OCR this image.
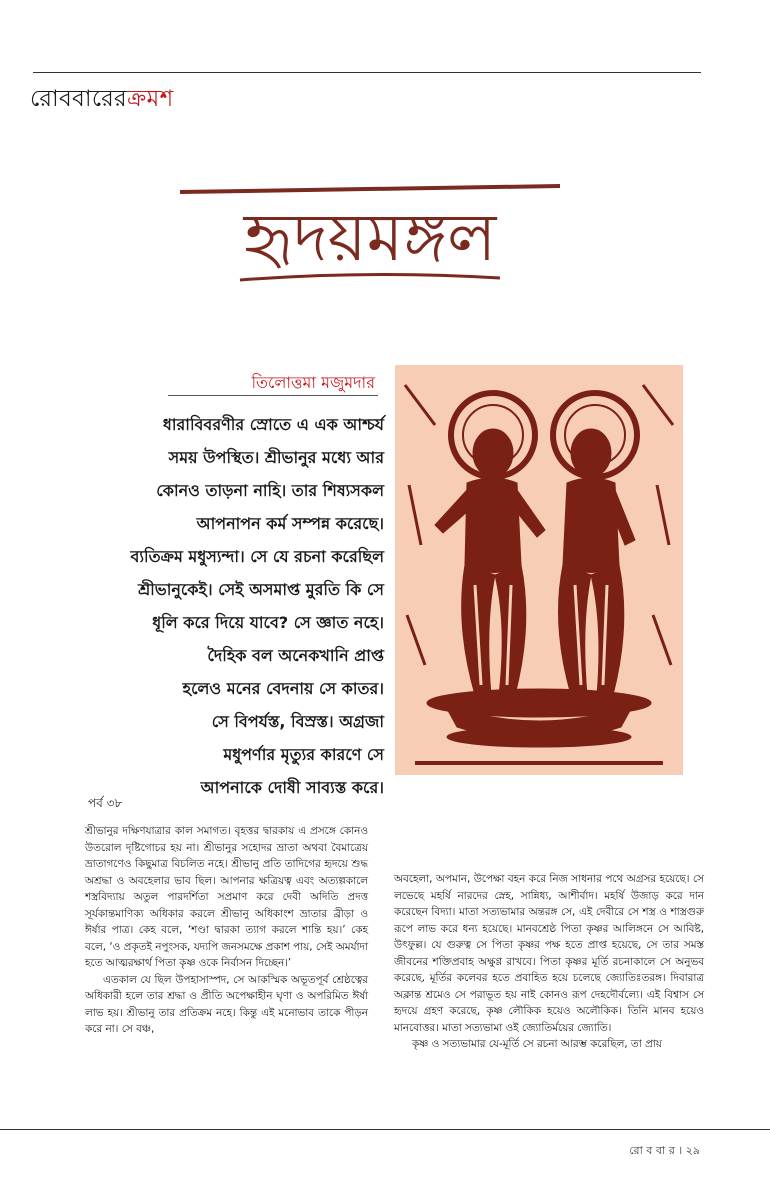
রোববারেরক্রমশ
হৃদয়মঙ্গল
তিলোত্তমা মজুমদার
ধারাবিবরণীর স্রোতে এ এক আশ্চর্য
সময় উপস্থিত। শ্রীভানুর মধ্যে আর
কোনও তাড়না নাহি। তার শিষ্যসকল
আপনাপন কর্ম সম্পন্ন করেছে।
ব্যতিক্রম মধুস্যন্দা। সে যে রচনা করেছিল
শ্রীভানুকেই। সেই অসমাপ্ত মুরতি কি সে
ধূলি করে দিয়ে যাবে? সে জ্ঞাত নহে।
দৈহিক বল অনেকখানি প্রাপ্ত
হলেও মনের বেদনায় সে কাতর।
সে বিপর্যস্ত, বিস্রস্ত। অগ্রজা
মধুপর্ণার মৃত্যুর কারণে সে
আপনাকে দোষী সাব্যস্ত করে।
পর্ব ৩৮

শ্রীভানুর দক্ষিণযাত্রার কাল সমাগত। বৃহত্তর দ্বারকায় এ প্রসঙ্গে কোনও উতরোল দৃষ্টিগোচর হয় না। শ্রীভানুর সহোদর ভ্রাতা অথবা বৈমাত্রেয় ভ্রাতাগণেও কিছুমাত্র বিচলিত নহে। শ্রীভানু প্রতি তাদিগের হৃদয়ে শুদ্ধ অশ্রদ্ধা ও অবহেলার ভাব ছিল। আপনার ক্ষত্রিয়ত্ব এবং অত্যল্পকালে শস্ত্রবিদ্যায় অতুল পারদর্শিতা সপ্রমাণ করে দেবী অদিতি প্রদত্ত সূর্যকান্তমাণিক্য অধিকার করলে শ্রীভানু অধিকাংশ ভ্রাতার ব্রীড়া ও ঈর্ষার পাত্র। কেহ বলে, ‘শণ্ডা দ্বারকা ত্যাগ করলে শান্তি হয়।’ কেহ বলে, ‘ও প্রকৃতই নপুংসক, যদ্যপি জনসমক্ষে প্রকাশ পায়, সেই অমর্যাদা হতে আত্মরক্ষার্থ পিতা কৃষ্ণ ওকে নির্বাসন দিচ্ছেন।’

এতকাল যে ছিল উপহাসাস্পদ, সে আকস্মিক অভূতপূর্ব শ্রেষ্ঠত্বের অধিকারী হলে তার শ্রদ্ধা ও প্রীতি অপেক্ষাহীন ঘৃণা ও অপরিমিত ঈর্ষা লাভ হয়। শ্রীভানু তার প্রতিক্রম নহে। কিন্তু এই মনোভাব তাকে পীড়ন করে না। সে বঞ্চ,

অবহেলা, অপমান, উপেক্ষা বহন করে নিজ সাধনার পথে অগ্রসর হয়েছে। সে লভেছে মহর্ষি নারদের স্নেহ, সান্নিধ্য, আশীর্বাদ। মহর্ষি উজাড় করে দান করেছেন বিদ্যা। মাতা সত্যভামার অন্তরঙ্গ সে, এই দেবীরে সে শস্ত্র ও শাস্ত্রগুরু রূপে লাভ করে ধন্য হয়েছে। মানবশ্রেষ্ঠ পিতা কৃষ্ণর আলিঙ্গনে সে আবিষ্ট, উৎফুল্ল। যে গুরুত্ব সে পিতা কৃষ্ণর পক্ষ হতে প্রাপ্ত হয়েছে, সে তার সমস্ত জীবনের শক্তিপ্রবাহ অক্ষুণ্ণ রাখবে। পিতা কৃষ্ণর মূর্তি রচনাকালে সে অনুভব করেছে, মূর্তির কলেবর হতে প্রবাহিত হয়ে চলেছে জ্যোতিঃতরঙ্গ। দিবারাত্র অক্লান্ত শ্রমেও সে পরাভূত হয় নাই কোনও রূপ দেহদৌর্বল্যে। এই বিশ্বাস সে হৃদয়ে গ্রহণ করেছে, কৃষ্ণ লৌকিক হয়েও অলৌকিক। তিনি মানব হয়েও মানবোত্তর। মাতা সত্যভামা ওই জ্যোতির্ময়ের জ্যোতি।

কৃষ্ণ ও সত্যভামার যে-মূর্তি সে রচনা আরম্ভ করেছিল, তা প্রায়

রো ব বা র । ২৯
